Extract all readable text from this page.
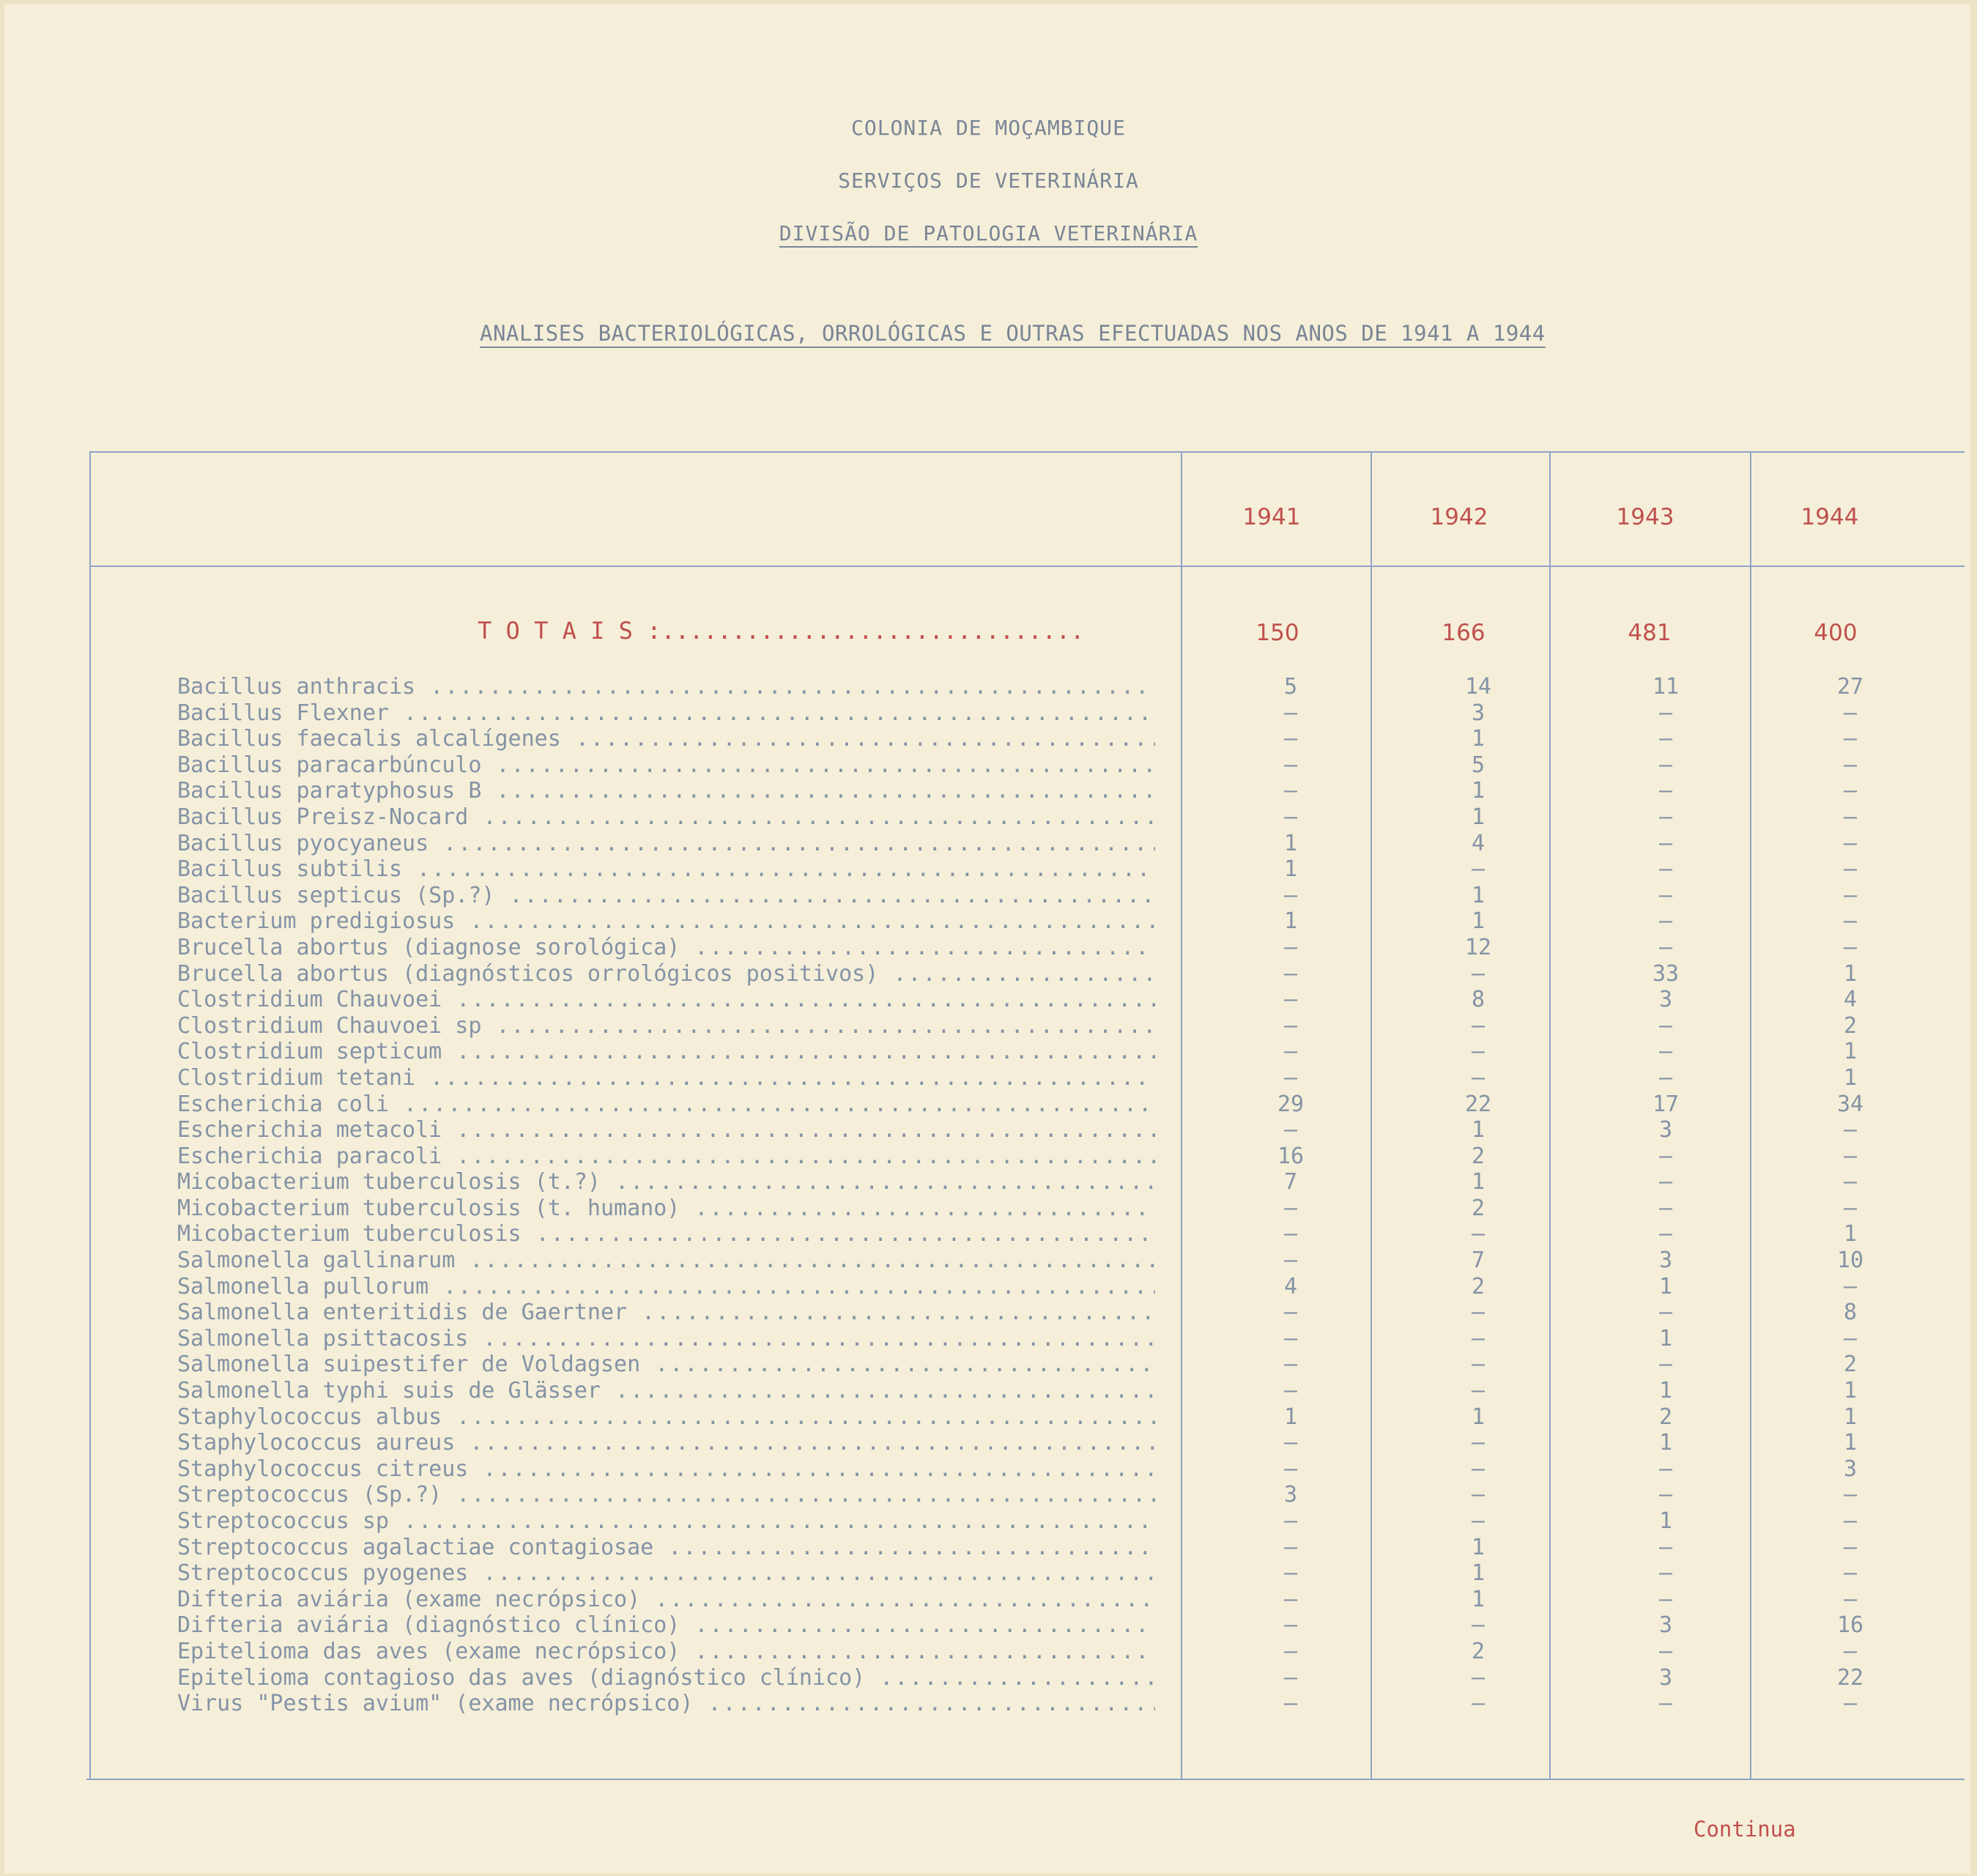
COLONIA DE MOÇAMBIQUE
SERVIÇOS DE VETERINÁRIA
DIVISÃO DE PATOLOGIA VETERINÁRIA
ANALISES BACTERIOLÓGICAS, ORROLÓGICAS E OUTRAS EFECTUADAS NOS ANOS DE 1941 A 1944
1941	1942	1943	1944
T O T A I S :..............................	150	166	481	400
Bacillus anthracis .....	5	14	11	27
Bacillus Flexner .....	–	3	–	–
Bacillus faecalis alcalígenes .....	–	1	–	–
Bacillus paracarbúnculo .....	–	5	–	–
Bacillus paratyphosus B .....	–	1	–	–
Bacillus Preisz-Nocard .....	–	1	–	–
Bacillus pyocyaneus .....	1	4	–	–
Bacillus subtilis .....	1	–	–	–
Bacillus septicus (Sp.?) .....	–	1	–	–
Bacterium predigiosus .....	1	1	–	–
Brucella abortus (diagnose sorológica) .....	–	12	–	–
Brucella abortus (diagnósticos orrológicos positivos) .....	–	–	33	1
Clostridium Chauvoei .....	–	8	3	4
Clostridium Chauvoei sp .....	–	–	–	2
Clostridium septicum .....	–	–	–	1
Clostridium tetani .....	–	–	–	1
Escherichia coli .....	29	22	17	34
Escherichia metacoli .....	–	1	3	–
Escherichia paracoli .....	16	2	–	–
Micobacterium tuberculosis (t.?) .....	7	1	–	–
Micobacterium tuberculosis (t. humano) .....	–	2	–	–
Micobacterium tuberculosis .....	–	–	–	1
Salmonella gallinarum .....	–	7	3	10
Salmonella pullorum .....	4	2	1	–
Salmonella enteritidis de Gaertner .....	–	–	–	8
Salmonella psittacosis .....	–	–	1	–
Salmonella suipestifer de Voldagsen .....	–	–	–	2
Salmonella typhi suis de Glässer .....	–	–	1	1
Staphylococcus albus .....	1	1	2	1
Staphylococcus aureus .....	–	–	1	1
Staphylococcus citreus .....	–	–	–	3
Streptococcus (Sp.?) .....	3	–	–	–
Streptococcus sp .....	–	–	1	–
Streptococcus agalactiae contagiosae .....	–	1	–	–
Streptococcus pyogenes .....	–	1	–	–
Difteria aviária (exame necrópsico) .....	–	1	–	–
Difteria aviária (diagnóstico clínico) .....	–	–	3	16
Epitelioma das aves (exame necrópsico) .....	–	2	–	–
Epitelioma contagioso das aves (diagnóstico clínico) .....	–	–	3	22
Virus "Pestis avium" (exame necrópsico) .....	–	–	–	–
Continua
